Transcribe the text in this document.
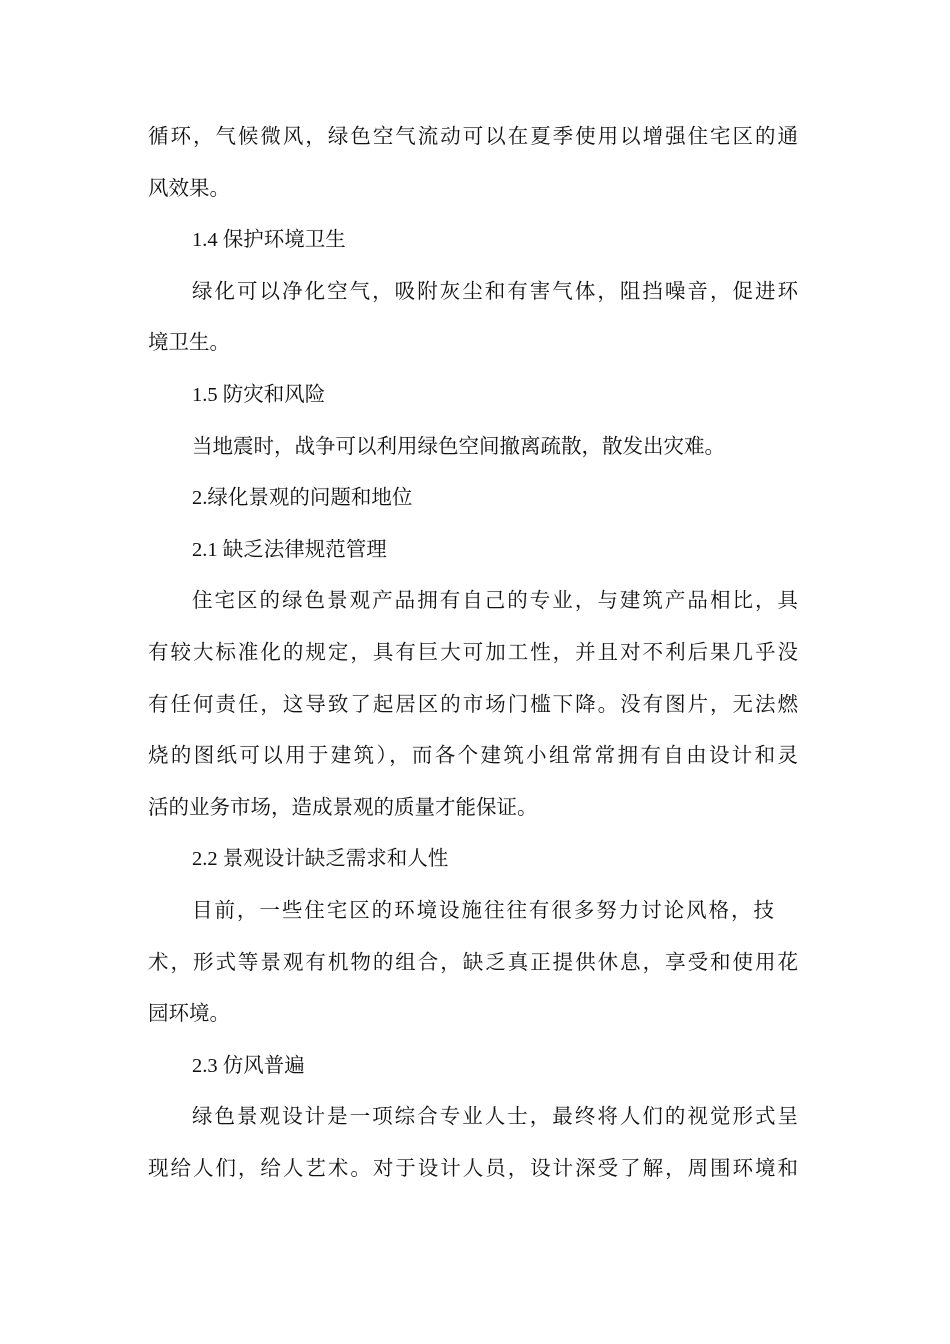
循环，气候微风，绿色空气流动可以在夏季使用以增强住宅区的通
风效果。
1.4 保护环境卫生
绿化可以净化空气，吸附灰尘和有害气体，阻挡噪音，促进环
境卫生。
1.5 防灾和风险
当地震时，战争可以利用绿色空间撤离疏散，散发出灾难。
2.绿化景观的问题和地位
2.1 缺乏法律规范管理
住宅区的绿色景观产品拥有自己的专业，与建筑产品相比，具
有较大标准化的规定，具有巨大可加工性，并且对不利后果几乎没
有任何责任，这导致了起居区的市场门槛下降。没有图片，无法燃
烧的图纸可以用于建筑），而各个建筑小组常常拥有自由设计和灵
活的业务市场，造成景观的质量才能保证。
2.2 景观设计缺乏需求和人性
目前，一些住宅区的环境设施往往有很多努力讨论风格，技
术，形式等景观有机物的组合，缺乏真正提供休息，享受和使用花
园环境。
2.3 仿风普遍
绿色景观设计是一项综合专业人士，最终将人们的视觉形式呈
现给人们，给人艺术。对于设计人员，设计深受了解，周围环境和
